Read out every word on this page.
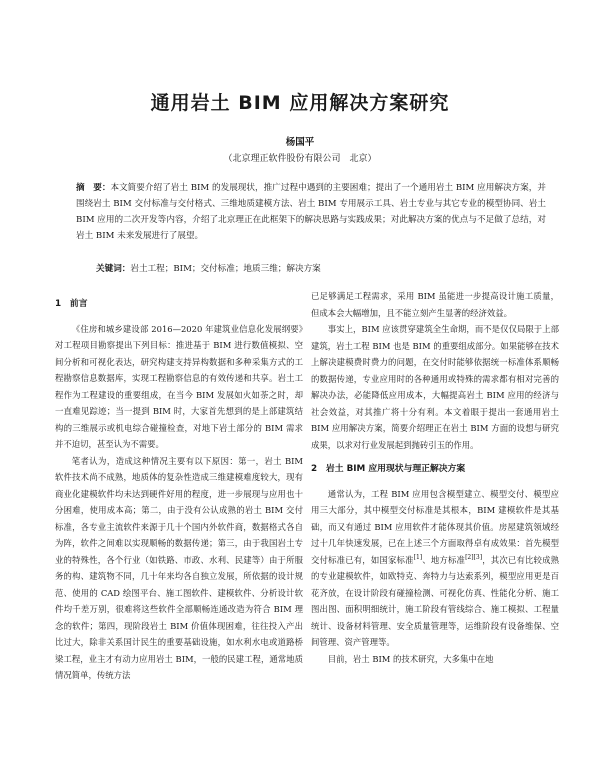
通用岩土 BIM 应用解决方案研究
杨国平
（北京理正软件股份有限公司　北京）
摘　要：本文简要介绍了岩土 BIM 的发展现状，推广过程中遇到的主要困难；提出了一个通用岩土 BIM 应用解决方案，并围绕岩土 BIM 交付标准与交付格式、三维地质建模方法、岩土 BIM 专用展示工具、岩土专业与其它专业的模型协同、岩土 BIM 应用的二次开发等内容，介绍了北京理正在此框架下的解决思路与实践成果；对此解决方案的优点与不足做了总结，对岩土 BIM 未来发展进行了展望。
关键词：岩土工程；BIM；交付标准；地质三维；解决方案
1　前言

《住房和城乡建设部 2016—2020 年建筑业信息化发展纲要》对工程项目勘察提出下列目标：推进基于 BIM 进行数值模拟、空间分析和可视化表达，研究构建支持异构数据和多种采集方式的工程勘察信息数据库，实现工程勘察信息的有效传递和共享。岩土工程作为工程建设的重要组成，在当今 BIM 发展如火如荼之时，却一直难见踪迹；当一提到 BIM 时，大家首先想到的是上部建筑结构的三维展示或机电综合碰撞检查，对地下岩土部分的 BIM 需求并不迫切，甚至认为不需要。

笔者认为，造成这种情况主要有以下原因：第一，岩土 BIM 软件技术尚不成熟，地质体的复杂性造成三维建模难度较大，现有商业化建模软件均未达到硬件好用的程度，进一步展现与应用也十分困难，使用成本高；第二，由于没有公认成熟的岩土 BIM 交付标准，各专业主流软件来源于几十个国内外软件商，数据格式各自为阵，软件之间难以实现顺畅的数据传递；第三，由于我国岩土专业的特殊性，各个行业（如铁路、市政、水利、民建等）由于所服务的构、建筑物不同，几十年来均各自独立发展，所依据的设计规范、使用的 CAD 绘图平台、施工图软件、建模软件、分析设计软件均千差万别，很难将这些软件全部顺畅连通改造为符合 BIM 理念的软件；第四，现阶段岩土 BIM 价值体现困难，往往投入产出比过大，除非关系国计民生的重要基础设施，如水利水电或道路桥梁工程，业主才有动力应用岩土 BIM，一般的民建工程，通常地质情况简单，传统方法

已足够满足工程需求，采用 BIM 虽能进一步提高设计施工质量，但成本会大幅增加，且不能立刻产生显著的经济效益。

事实上，BIM 应该贯穿建筑全生命期，而不是仅仅局限于上部建筑，岩土工程 BIM 也是 BIM 的重要组成部分。如果能够在技术上解决建模费时费力的问题，在交付时能够依据统一标准体系顺畅的数据传递，专业应用时的各种通用或特殊的需求都有相对完善的解决办法，必能降低应用成本，大幅提高岩土 BIM 应用的经济与社会效益，对其推广将十分有利。本文着眼于提出一套通用岩土 BIM 应用解决方案，简要介绍理正在岩土 BIM 方面的设想与研究成果，以求对行业发展起到抛砖引玉的作用。

2　岩土 BIM 应用现状与理正解决方案

通常认为，工程 BIM 应用包含模型建立、模型交付、模型应用三大部分，其中模型交付标准是其根本，BIM 建模软件是其基础，而又有通过 BIM 应用软件才能体现其价值。房屋建筑领域经过十几年快速发展，已在上述三个方面取得卓有成效果：首先模型交付标准已有，如国家标准[1]、地方标准[2][3]，其次已有比较成熟的专业建模软件，如欧特克、奔特力与达索系列，模型应用更是百花齐放，在设计阶段有碰撞检测、可视化仿真、性能化分析、施工图出图、面积明细统计，施工阶段有管线综合、施工模拟、工程量统计、设备材料管理、安全质量管理等，运维阶段有设备维保、空间管理、资产管理等。

目前，岩土 BIM 的技术研究，大多集中在地
